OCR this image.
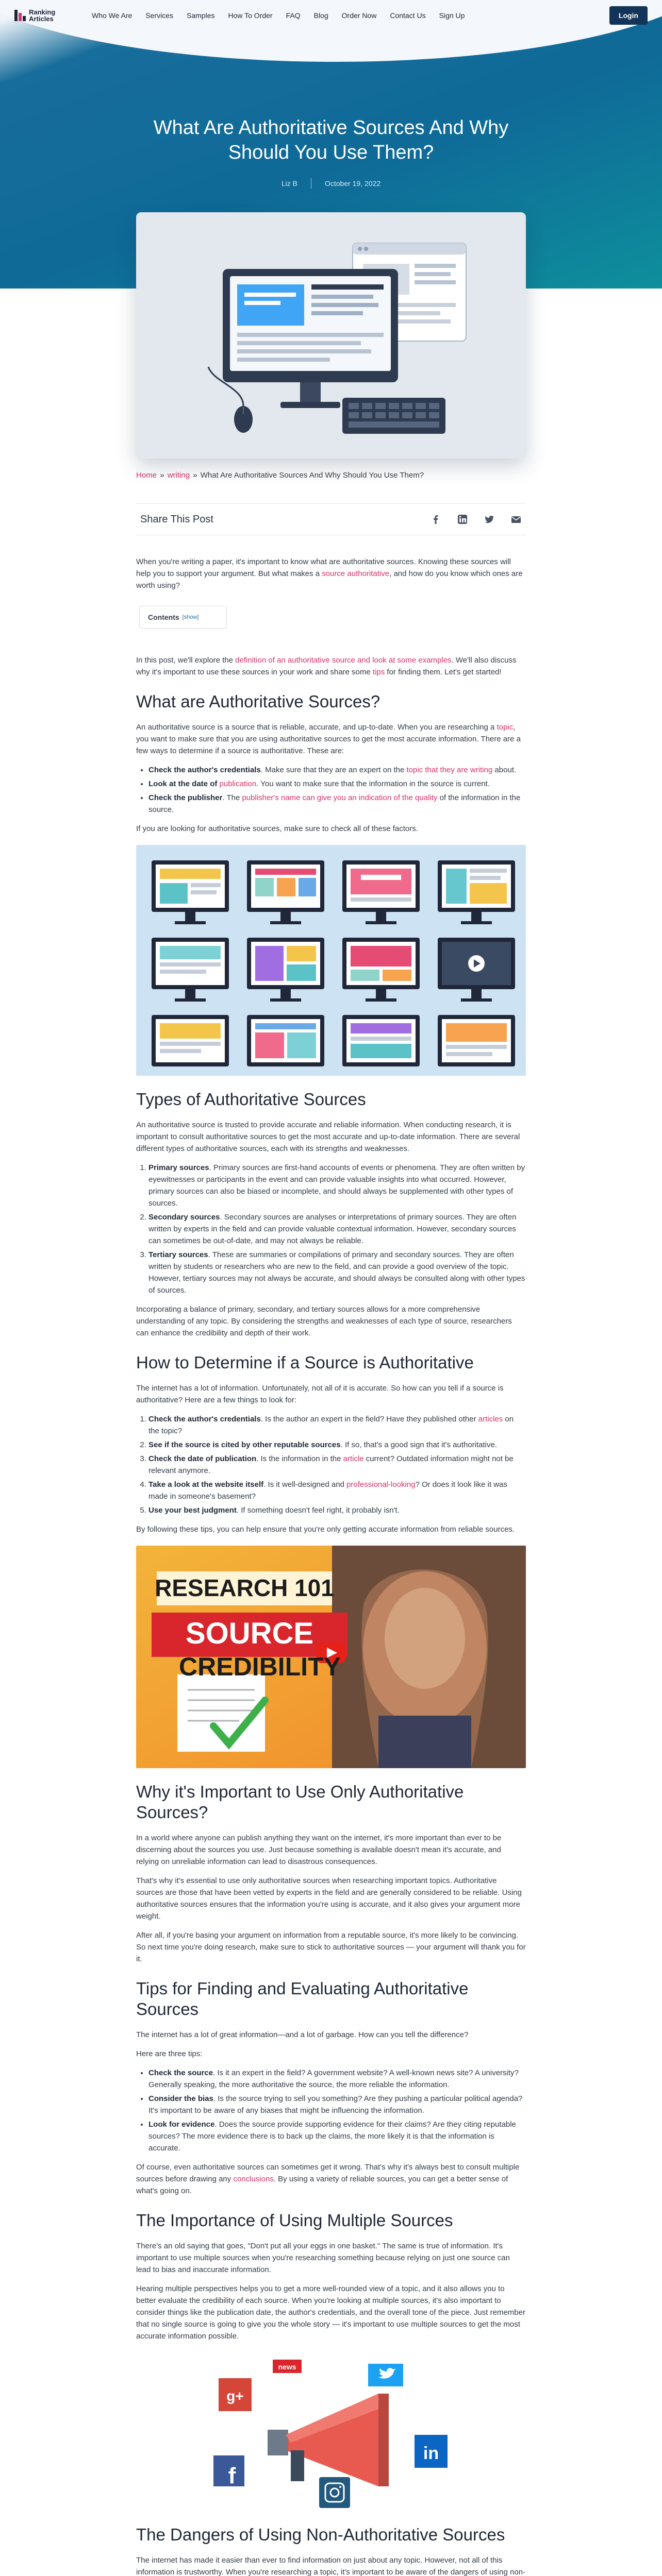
Ranking
Articles	Who We Are Services Samples How To Order FAQ Blog Order Now Contact Us Sign Up	Login
What Are Authoritative Sources And Why Should You Use Them?
Liz B	October 19, 2022
Home » writing » What Are Authoritative Sources And Why Should You Use Them?
Share This Post

When you're writing a paper, it's important to know what are authoritative sources. Knowing these sources will help you to support your argument. But what makes a source authoritative, and how do you know which ones are worth using?

Contents [show]

In this post, we'll explore the definition of an authoritative source and look at some examples. We'll also discuss why it's important to use these sources in your work and share some tips for finding them. Let's get started!

What are Authoritative Sources?

An authoritative source is a source that is reliable, accurate, and up-to-date. When you are researching a topic, you want to make sure that you are using authoritative sources to get the most accurate information. There are a few ways to determine if a source is authoritative. These are:

• Check the author's credentials. Make sure that they are an expert on the topic that they are writing about.
• Look at the date of publication. You want to make sure that the information in the source is current.
• Check the publisher. The publisher's name can give you an indication of the quality of the information in the source.

If you are looking for authoritative sources, make sure to check all of these factors.

Types of Authoritative Sources

An authoritative source is trusted to provide accurate and reliable information. When conducting research, it is important to consult authoritative sources to get the most accurate and up-to-date information. There are several different types of authoritative sources, each with its strengths and weaknesses.

1. Primary sources. Primary sources are first-hand accounts of events or phenomena. They are often written by eyewitnesses or participants in the event and can provide valuable insights into what occurred. However, primary sources can also be biased or incomplete, and should always be supplemented with other types of sources.
2. Secondary sources. Secondary sources are analyses or interpretations of primary sources. They are often written by experts in the field and can provide valuable contextual information. However, secondary sources can sometimes be out-of-date, and may not always be reliable.
3. Tertiary sources. These are summaries or compilations of primary and secondary sources. They are often written by students or researchers who are new to the field, and can provide a good overview of the topic. However, tertiary sources may not always be accurate, and should always be consulted along with other types of sources.

Incorporating a balance of primary, secondary, and tertiary sources allows for a more comprehensive understanding of any topic. By considering the strengths and weaknesses of each type of source, researchers can enhance the credibility and depth of their work.

How to Determine if a Source is Authoritative

The internet has a lot of information. Unfortunately, not all of it is accurate. So how can you tell if a source is authoritative? Here are a few things to look for:

1. Check the author's credentials. Is the author an expert in the field? Have they published other articles on the topic?
2. See if the source is cited by other reputable sources. If so, that's a good sign that it's authoritative.
3. Check the date of publication. Is the information in the article current? Outdated information might not be relevant anymore.
4. Take a look at the website itself. Is it well-designed and professional-looking? Or does it look like it was made in someone's basement?
5. Use your best judgment. If something doesn't feel right, it probably isn't.

By following these tips, you can help ensure that you're only getting accurate information from reliable sources.

RESEARCH 101
SOURCE
CREDIBILITY
Why it's Important to Use Only Authoritative Sources?

In a world where anyone can publish anything they want on the internet, it's more important than ever to be discerning about the sources you use. Just because something is available doesn't mean it's accurate, and relying on unreliable information can lead to disastrous consequences.

That's why it's essential to use only authoritative sources when researching important topics. Authoritative sources are those that have been vetted by experts in the field and are generally considered to be reliable. Using authoritative sources ensures that the information you're using is accurate, and it also gives your argument more weight.

After all, if you're basing your argument on information from a reputable source, it's more likely to be convincing. So next time you're doing research, make sure to stick to authoritative sources — your argument will thank you for it.

Tips for Finding and Evaluating Authoritative Sources

The internet has a lot of great information—and a lot of garbage. How can you tell the difference?

Here are three tips:

• Check the source. Is it an expert in the field? A government website? A well-known news site? A university? Generally speaking, the more authoritative the source, the more reliable the information.
• Consider the bias. Is the source trying to sell you something? Are they pushing a particular political agenda? It's important to be aware of any biases that might be influencing the information.
• Look for evidence. Does the source provide supporting evidence for their claims? Are they citing reputable sources? The more evidence there is to back up the claims, the more likely it is that the information is accurate.

Of course, even authoritative sources can sometimes get it wrong. That's why it's always best to consult multiple sources before drawing any conclusions. By using a variety of reliable sources, you can get a better sense of what's going on.

The Importance of Using Multiple Sources

There's an old saying that goes, "Don't put all your eggs in one basket." The same is true of information. It's important to use multiple sources when you're researching something because relying on just one source can lead to bias and inaccurate information.

Hearing multiple perspectives helps you to get a more well-rounded view of a topic, and it also allows you to better evaluate the credibility of each source. When you're looking at multiple sources, it's also important to consider things like the publication date, the author's credentials, and the overall tone of the piece. Just remember that no single source is going to give you the whole story — it's important to use multiple sources to get the most accurate information possible.

news
g+
f
in
The Dangers of Using Non-Authoritative Sources

The internet has made it easier than ever to find information on just about any topic. However, not all of this information is trustworthy. When you're researching a topic, it's important to be aware of the dangers of using non-
